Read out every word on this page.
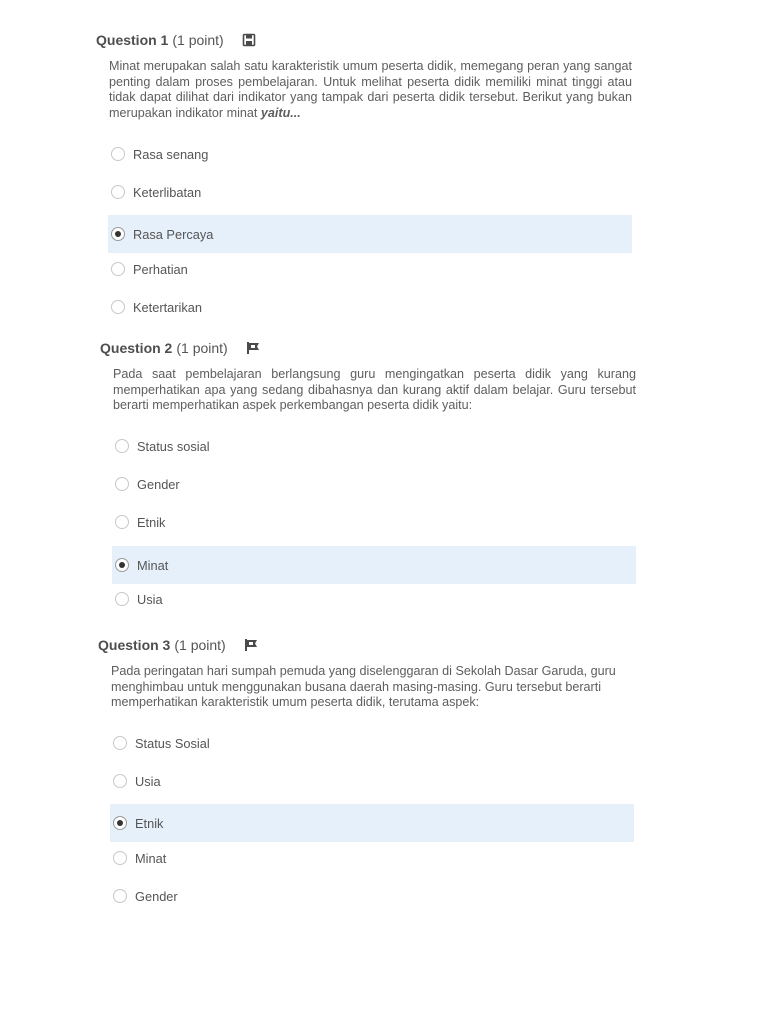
Question 1 (1 point)
Minat merupakan salah satu karakteristik umum peserta didik, memegang peran yang sangat penting dalam proses pembelajaran. Untuk melihat peserta didik memiliki minat tinggi atau tidak dapat dilihat dari indikator yang tampak dari peserta didik tersebut. Berikut yang bukan merupakan indikator minat yaitu...
Rasa senang
Keterlibatan
Rasa Percaya
Perhatian
Ketertarikan
Question 2 (1 point)
Pada saat pembelajaran berlangsung guru mengingatkan peserta didik yang kurang memperhatikan apa yang sedang dibahasnya dan kurang aktif dalam belajar. Guru tersebut berarti memperhatikan aspek perkembangan peserta didik yaitu:
Status sosial
Gender
Etnik
Minat
Usia
Question 3 (1 point)
Pada peringatan hari sumpah pemuda yang diselenggaran di Sekolah Dasar Garuda, guru menghimbau untuk menggunakan busana daerah masing-masing. Guru tersebut berarti memperhatikan karakteristik umum peserta didik, terutama aspek:
Status Sosial
Usia
Etnik
Minat
Gender
